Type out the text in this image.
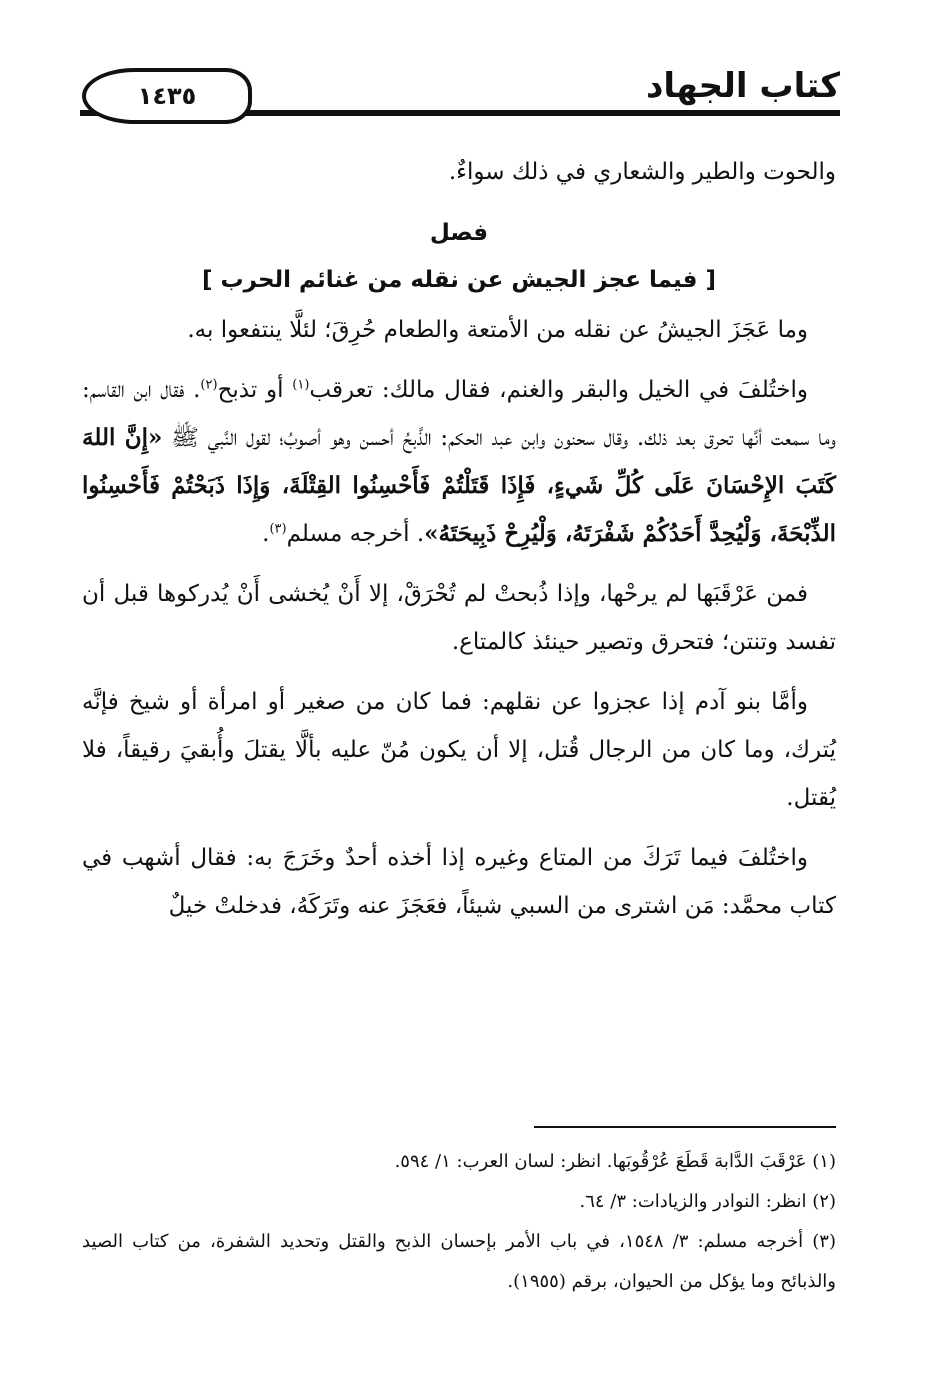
١٤٣٥	كتاب الجهاد

والحوت والطير والشعاري في ذلك سواءٌ.

فصل
[ فيما عجز الجيش عن نقله من غنائم الحرب ]

وما عَجَزَ الجيشُ عن نقله من الأمتعة والطعام حُرِقَ؛ لئلَّا ينتفعوا به.

واختُلفَ في الخيل والبقر والغنم، فقال مالك: تعرقب$^{(١)}$ أو تذبح$^{(٢)}$. فقال ابن القاسم: وما سمعت أنَّها تحرق بعد ذلك. وقال سحنون وابن عبد الحكم: الذَّبحُ أحسن وهو أصوبُ؛ لقول النَّبي ﷺ «إِنَّ اللهَ كَتَبَ الإِحْسَانَ عَلَى كُلِّ شَيءٍ، فَإِذَا قَتَلْتُمْ فَأَحْسِنُوا القِتْلَةَ، وَإِذَا ذَبَحْتُمْ فَأَحْسِنُوا الذِّبْحَةَ، وَلْيُحِدَّ أَحَدُكُمْ شَفْرَتَهُ، وَلْيُرِحْ ذَبِيحَتَهُ». أخرجه مسلم$^{(٣)}$.

فمن عَرْقَبَها لم يرحْها، وإذا ذُبحتْ لم تُحْرَقْ، إلا أَنْ يُخشى أَنْ يُدركوها قبل أن تفسد وتنتن؛ فتحرق وتصير حينئذ كالمتاع.

وأمَّا بنو آدم إذا عجزوا عن نقلهم: فما كان من صغير أو امرأة أو شيخ فإنَّه يُترك، وما كان من الرجال قُتل، إلا أن يكون مُنّ عليه بألَّا يقتلَ وأُبقيَ رقيقاً، فلا يُقتل.

واختُلفَ فيما تَرَكَ من المتاع وغيره إذا أخذه أحدٌ وخَرَجَ به: فقال أشهب في كتاب محمَّد: مَن اشترى من السبي شيئاً، فعَجَزَ عنه وتَرَكَهُ، فدخلتْ خيلٌ

(١) عَرْقَبَ الدَّابة قَطَعَ عُرْقُوبَها. انظر: لسان العرب: ١/ ٥٩٤.

(٢) انظر: النوادر والزيادات: ٣/ ٦٤.

(٣) أخرجه مسلم: ٣/ ١٥٤٨، في باب الأمر بإحسان الذبح والقتل وتحديد الشفرة، من كتاب الصيد والذبائح وما يؤكل من الحيوان، برقم (١٩٥٥).
